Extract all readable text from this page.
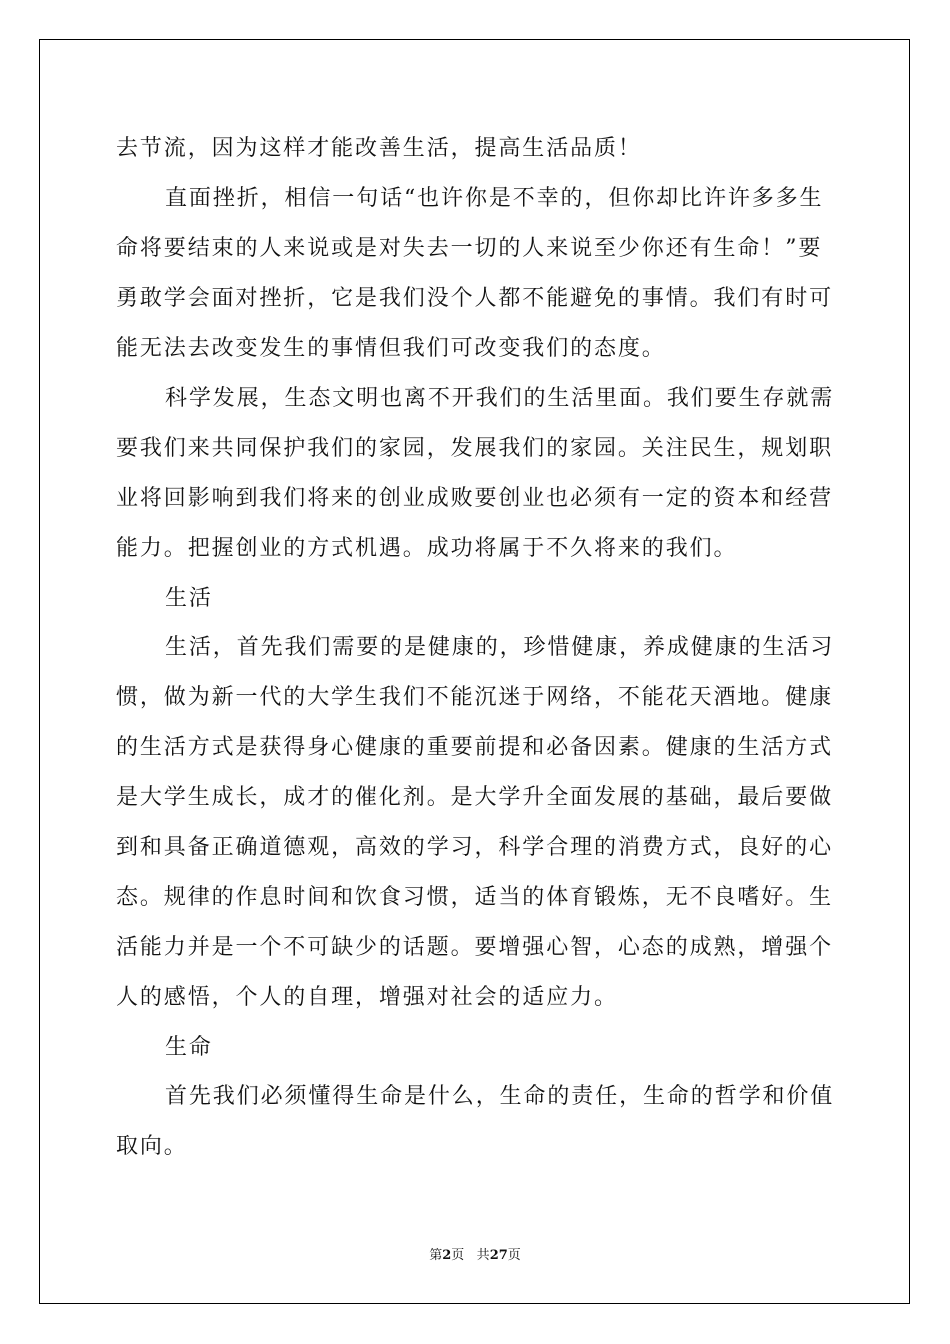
去节流，因为这样才能改善生活，提高生活品质！

直面挫折，相信一句话“也许你是不幸的，但你却比许许多多生

命将要结束的人来说或是对失去一切的人来说至少你还有生命！”要

勇敢学会面对挫折，它是我们没个人都不能避免的事情。我们有时可

能无法去改变发生的事情但我们可改变我们的态度。

科学发展，生态文明也离不开我们的生活里面。我们要生存就需

要我们来共同保护我们的家园，发展我们的家园。关注民生，规划职

业将回影响到我们将来的创业成败要创业也必须有一定的资本和经营

能力。把握创业的方式机遇。成功将属于不久将来的我们。

生活

生活，首先我们需要的是健康的，珍惜健康，养成健康的生活习

惯，做为新一代的大学生我们不能沉迷于网络，不能花天酒地。健康

的生活方式是获得身心健康的重要前提和必备因素。健康的生活方式

是大学生成长，成才的催化剂。是大学升全面发展的基础，最后要做

到和具备正确道德观，高效的学习，科学合理的消费方式，良好的心

态。规律的作息时间和饮食习惯，适当的体育锻炼，无不良嗜好。生

活能力并是一个不可缺少的话题。要增强心智，心态的成熟，增强个

人的感悟，个人的自理，增强对社会的适应力。

生命

首先我们必须懂得生命是什么，生命的责任，生命的哲学和价值

取向。

第2页 共27页
